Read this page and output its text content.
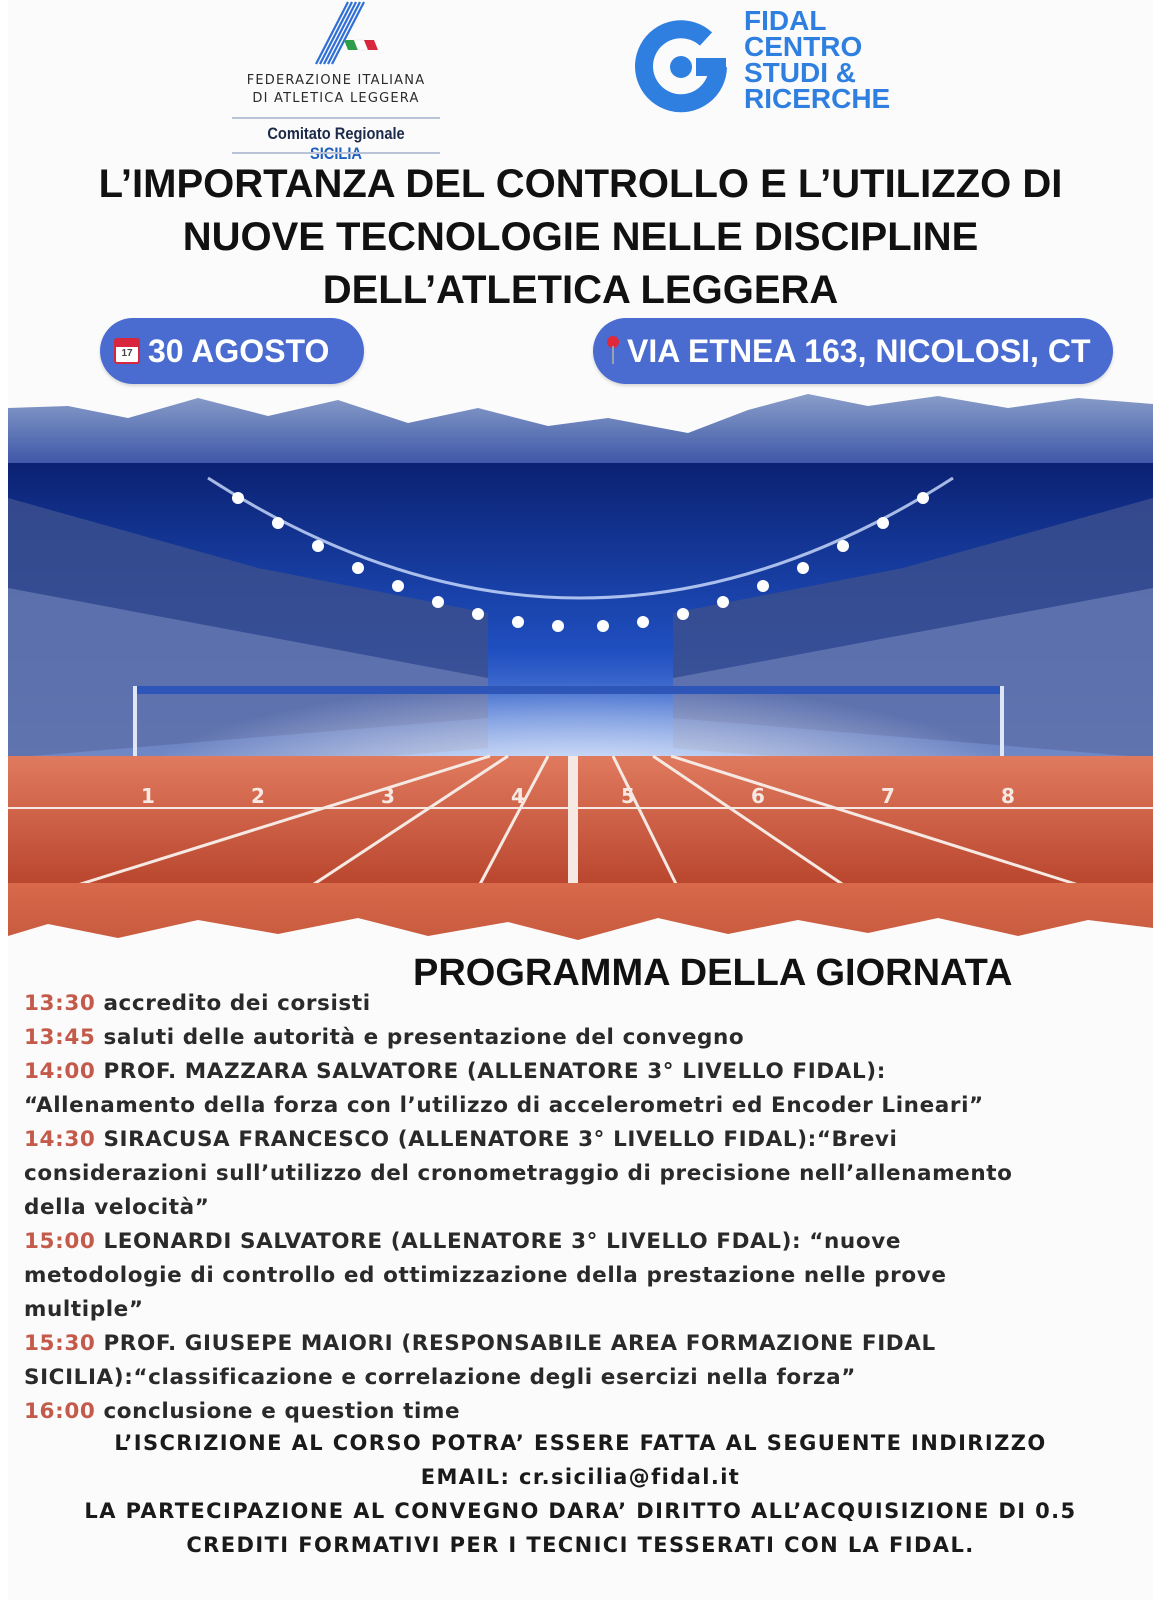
FEDERAZIONE ITALIANA
DI ATLETICA LEGGERA
Comitato Regionale
FIDAL
CENTRO
STUDI &
RICERCHE
L’IMPORTANZA DEL CONTROLLO E L’UTILIZZO DI
NUOVE TECNOLOGIE NELLE DISCIPLINE
DELL’ATLETICA LEGGERA
17 30 AGOSTO	VIA ETNEA 163, NICOLOSI, CT
1	2	3	4	5	6	7	8
PROGRAMMA DELLA GIORNATA
13:30 accredito dei corsisti
13:45 saluti delle autorità e presentazione del convegno
14:00 PROF. MAZZARA SALVATORE (ALLENATORE 3° LIVELLO FIDAL):
“Allenamento della forza con l’utilizzo di accelerometri ed Encoder Lineari”
14:30 SIRACUSA FRANCESCO (ALLENATORE 3° LIVELLO FIDAL):“Brevi
considerazioni sull’utilizzo del cronometraggio di precisione nell’allenamento
della velocità”
15:00 LEONARDI SALVATORE (ALLENATORE 3° LIVELLO FDAL): “nuove
metodologie di controllo ed ottimizzazione della prestazione nelle prove
multiple”
15:30 PROF. GIUSEPE MAIORI (RESPONSABILE AREA FORMAZIONE FIDAL
SICILIA):“classificazione e correlazione degli esercizi nella forza”
16:00 conclusione e question time
L’ISCRIZIONE AL CORSO POTRA’ ESSERE FATTA AL SEGUENTE INDIRIZZO
EMAIL: cr.sicilia@fidal.it
LA PARTECIPAZIONE AL CONVEGNO DARA’ DIRITTO ALL’ACQUISIZIONE DI 0.5
CREDITI FORMATIVI PER I TECNICI TESSERATI CON LA FIDAL.
